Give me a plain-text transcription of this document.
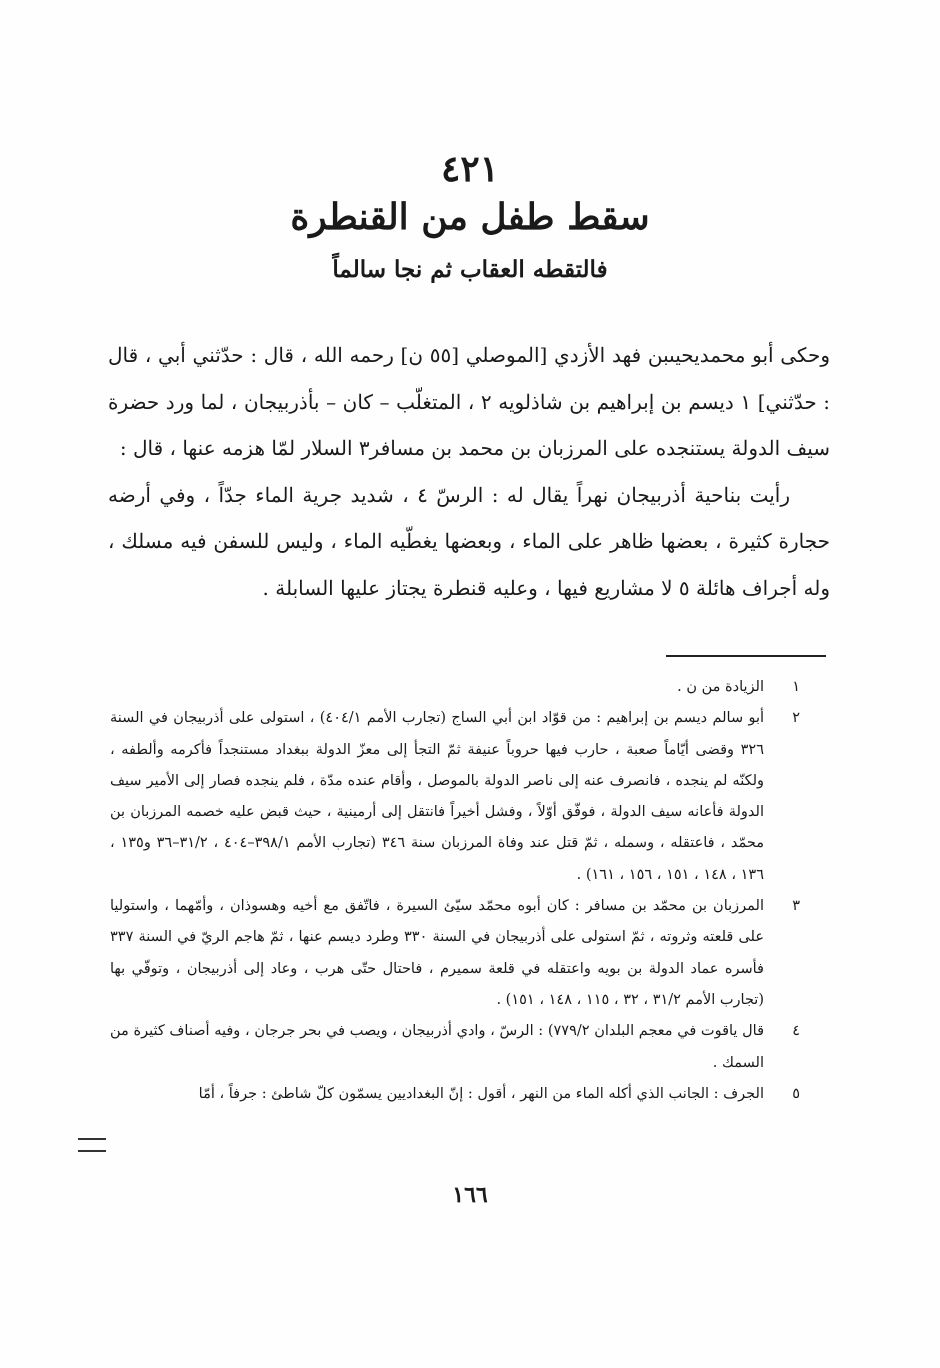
٤٢١
سقط طفل من القنطرة
فالتقطه العقاب ثم نجا سالماً

وحكى أبو محمديحيىبن فهد الأزدي [الموصلي [٥٥ ن] رحمه الله ، قال : حدّثني أبي ، قال : حدّثني] ١ ديسم بن إبراهيم بن شاذلويه ٢ ، المتغلّب – كان – بأذربيجان ، لما ورد حضرة سيف الدولة يستنجده على المرزبان بن محمد بن مسافر٣ السلار لمّا هزمه عنها ، قال :

رأيت بناحية أذربيجان نهراً يقال له : الرسّ ٤ ، شديد جرية الماء جدّاً ، وفي أرضه حجارة كثيرة ، بعضها ظاهر على الماء ، وبعضها يغطّيه الماء ، وليس للسفن فيه مسلك ، وله أجراف هائلة ٥ لا مشاريع فيها ، وعليه قنطرة يجتاز عليها السابلة .

١
الزيادة من ن .
٢
أبو سالم ديسم بن إبراهيم : من قوّاد ابن أبي الساج (تجارب الأمم ٤٠٤/١) ، استولى على أذربيجان في السنة ٣٢٦ وقضى أيّاماً صعبة ، حارب فيها حروباً عنيفة ثمّ التجأ إلى معزّ الدولة ببغداد مستنجداً فأكرمه وألطفه ، ولكنّه لم ينجده ، فانصرف عنه إلى ناصر الدولة بالموصل ، وأقام عنده مدّة ، فلم ينجده فصار إلى الأمير سيف الدولة فأعانه سيف الدولة ، فوفّق أوّلاً ، وفشل أخيراً فانتقل إلى أرمينية ، حيث قبض عليه خصمه المرزبان بن محمّد ، فاعتقله ، وسمله ، ثمّ قتل عند وفاة المرزبان سنة ٣٤٦ (تجارب الأمم ٣٩٨/١–٤٠٤ ، ٣١/٢–٣٦ و١٣٥ ، ١٣٦ ، ١٤٨ ، ١٥١ ، ١٥٦ ، ١٦١) .
٣
المرزبان بن محمّد بن مسافر : كان أبوه محمّد سيّئ السيرة ، فاتّفق مع أخيه وهسوذان ، وأمّهما ، واستوليا على قلعته وثروته ، ثمّ استولى على أذربيجان في السنة ٣٣٠ وطرد ديسم عنها ، ثمّ هاجم الريّ في السنة ٣٣٧ فأسره عماد الدولة بن بويه واعتقله في قلعة سميرم ، فاحتال حتّى هرب ، وعاد إلى أذربيجان ، وتوفّي بها (تجارب الأمم ٣١/٢ ، ٣٢ ، ١١٥ ، ١٤٨ ، ١٥١) .
٤
قال ياقوت في معجم البلدان ٧٧٩/٢) : الرسّ ، وادي أذربيجان ، ويصب في بحر جرجان ، وفيه أصناف كثيرة من السمك .
٥
الجرف : الجانب الذي أكله الماء من النهر ، أقول : إنّ البغداديين يسمّون كلّ شاطئ : جرفاً ، أمّا
١٦٦
